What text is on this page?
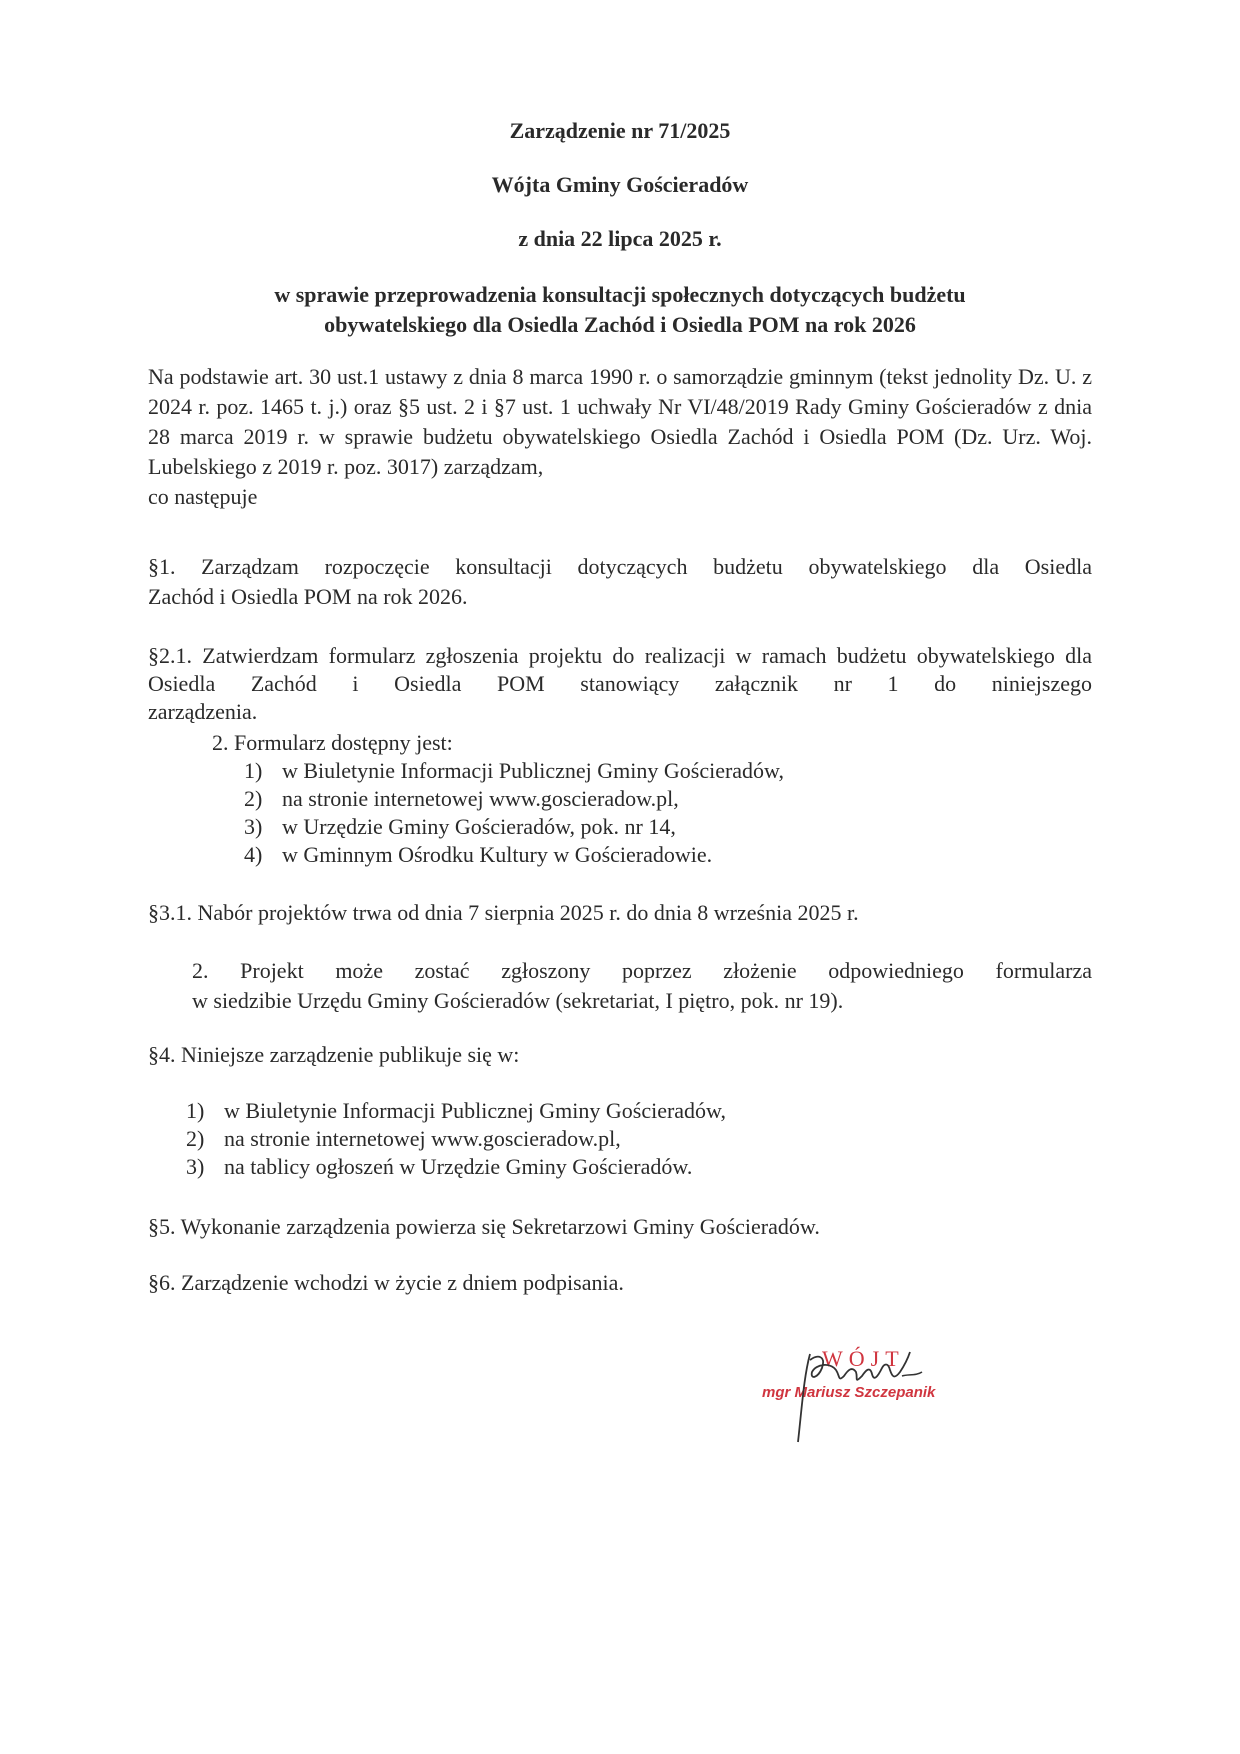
Zarządzenie nr 71/2025
Wójta Gminy Gościeradów
z dnia 22 lipca 2025 r.
w sprawie przeprowadzenia konsultacji społecznych dotyczących budżetu
obywatelskiego dla Osiedla Zachód i Osiedla POM na rok 2026
Na podstawie art. 30 ust.1 ustawy z dnia 8 marca 1990 r. o samorządzie gminnym (tekst jednolity Dz. U. z 2024 r. poz. 1465 t. j.) oraz §5 ust. 2 i §7 ust. 1 uchwały Nr VI/48/2019 Rady Gminy Gościeradów z dnia 28 marca 2019 r. w sprawie budżetu obywatelskiego Osiedla Zachód i Osiedla POM (Dz. Urz. Woj. Lubelskiego z 2019 r. poz. 3017) zarządzam,
co następuje
§1. Zarządzam rozpoczęcie konsultacji dotyczących budżetu obywatelskiego dla Osiedla
Zachód i Osiedla POM na rok 2026.
§2.1. Zatwierdzam formularz zgłoszenia projektu do realizacji w ramach budżetu obywatelskiego dla Osiedla Zachód i Osiedla POM stanowiący załącznik nr 1 do niniejszego
zarządzenia.
2. Formularz dostępny jest:
1) w Biuletynie Informacji Publicznej Gminy Gościeradów,
2) na stronie internetowej www.goscieradow.pl,
3) w Urzędzie Gminy Gościeradów, pok. nr 14,
4) w Gminnym Ośrodku Kultury w Gościeradowie.
§3.1. Nabór projektów trwa od dnia 7 sierpnia 2025 r. do dnia 8 września 2025 r.
2. Projekt może zostać zgłoszony poprzez złożenie odpowiedniego formularza
w siedzibie Urzędu Gminy Gościeradów (sekretariat, I piętro, pok. nr 19).
§4. Niniejsze zarządzenie publikuje się w:
1) w Biuletynie Informacji Publicznej Gminy Gościeradów,
2) na stronie internetowej www.goscieradow.pl,
3) na tablicy ogłoszeń w Urzędzie Gminy Gościeradów.
§5. Wykonanie zarządzenia powierza się Sekretarzowi Gminy Gościeradów.
§6. Zarządzenie wchodzi w życie z dniem podpisania.
WÓJT
mgr Mariusz Szczepanik
